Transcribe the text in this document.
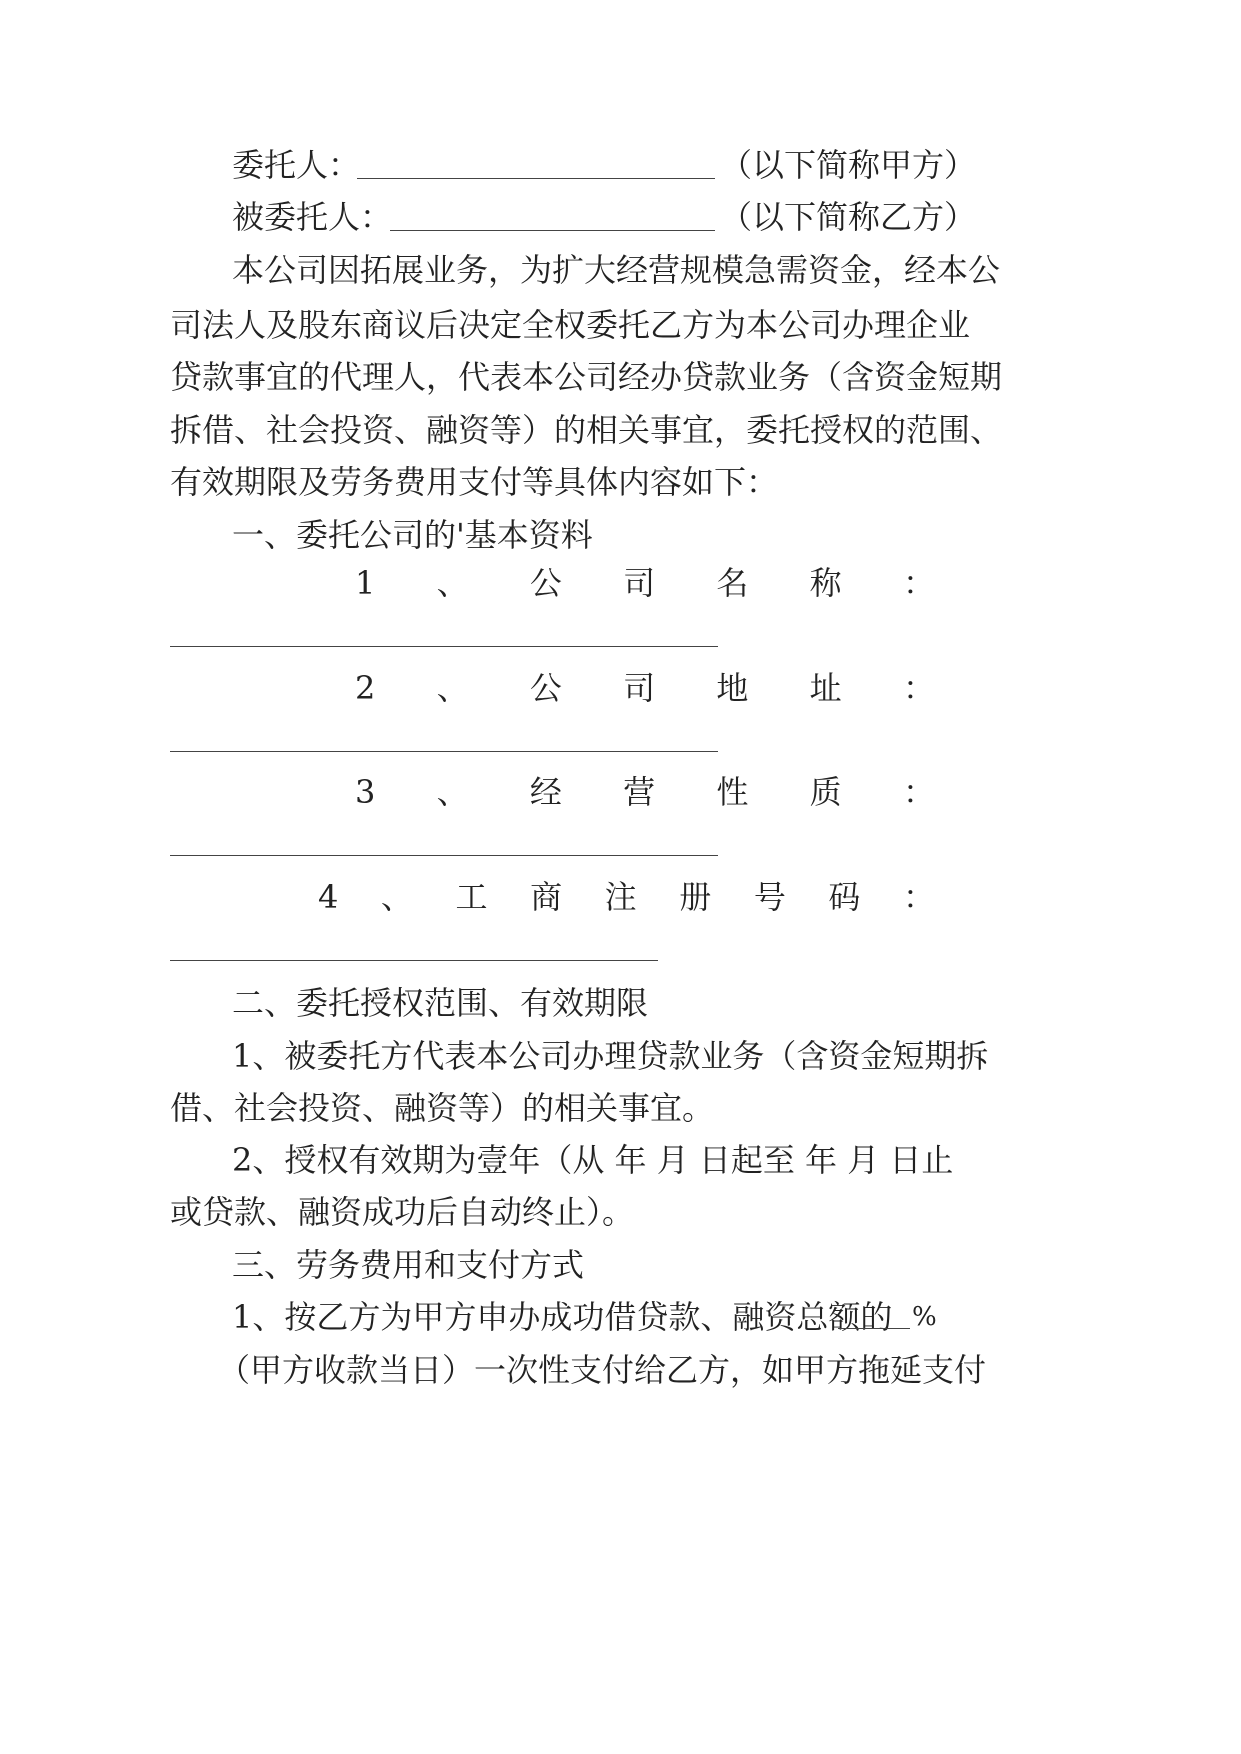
委托人：	（以下简称甲方）
被委托人：	（以下简称乙方）
本公司因拓展业务，为扩大经营规模急需资金，经本公
司法人及股东商议后决定全权委托乙方为本公司办理企业
贷款事宜的代理人，代表本公司经办贷款业务（含资金短期
拆借、社会投资、融资等）的相关事宜，委托授权的范围、
有效期限及劳务费用支付等具体内容如下：
一、委托公司的'基本资料
1 、 公 司 名 称 ：
2 、 公 司 地 址 ：
3 、 经 营 性 质 ：
4 、 工 商 注 册 号 码 ：
二、委托授权范围、有效期限
1、被委托方代表本公司办理贷款业务（含资金短期拆
借、社会投资、融资等）的相关事宜。
2、授权有效期为壹年（从 年 月 日起至 年 月 日止
或贷款、融资成功后自动终止）。
三、劳务费用和支付方式
1、按乙方为甲方申办成功借贷款、融资总额的 %
（甲方收款当日）一次性支付给乙方，如甲方拖延支付
